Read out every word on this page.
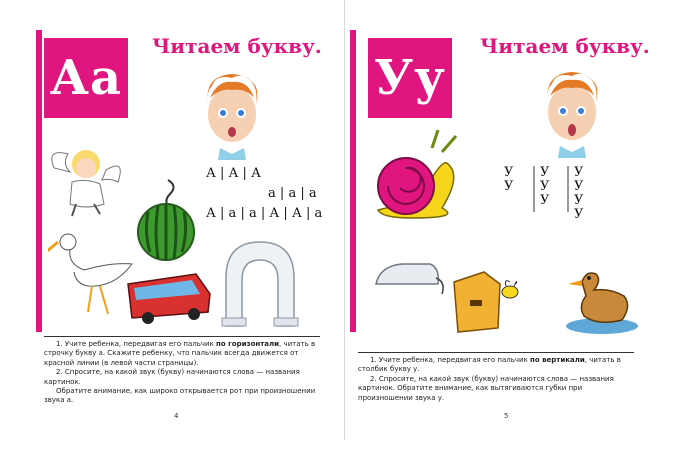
Аа
Читаем букву.
А | А | А
а | а | а
А | а | а | А | А | а

1. Учите ребенка, передвигая его пальчик по горизонтали, читать в строчку букву а. Скажите ребенку, что пальчик всегда движется от красной линии (в левой части страницы).

2. Спросите, на какой звук (букву) начинаются слова — названия картинок.

Обратите внимание, как широко открывается рот при произношении звука а.

4
Уу
Читаем букву.
У
У
У
У
У
У
У
У
У

1. Учите ребенка, передвигая его пальчик по вертикали, читать в столбик букву у.

2. Спросите, на какой звук (букву) начинаются слова — названия картинок. Обратите внимание, как вытягиваются губки при произношении звука у.

5
